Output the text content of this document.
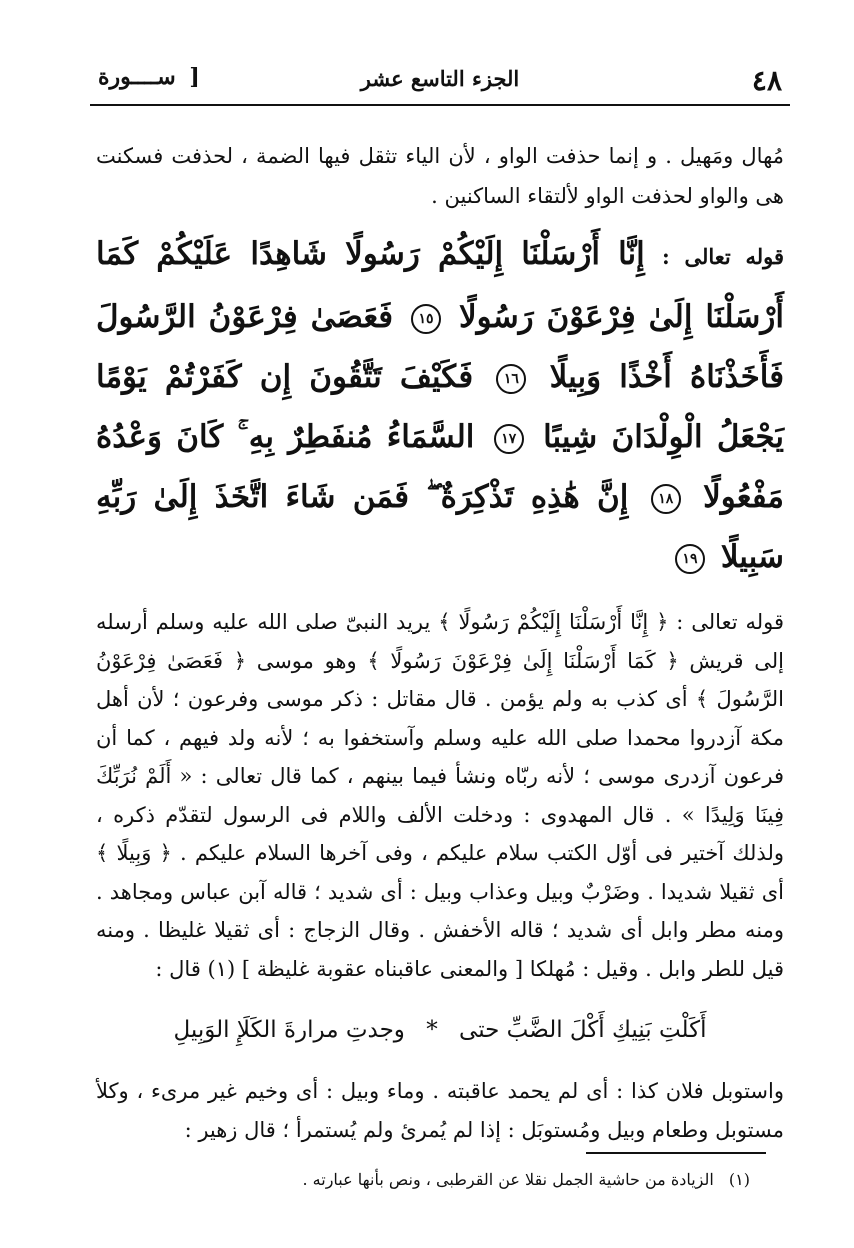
٤٨
الجزء التاسع عشر
[ ســــورة

مُهال ومَهيل . و إنما حذفت الواو ، لأن الياء تثقل فيها الضمة ، لحذفت فسكنت هى والواو لحذفت الواو لألتقاء الساكنين .

قوله تعالى : إِنَّا أَرْسَلْنَا إِلَيْكُمْ رَسُولًا شَاهِدًا عَلَيْكُمْ كَمَا أَرْسَلْنَا إِلَىٰ فِرْعَوْنَ رَسُولًا ١٥ فَعَصَىٰ فِرْعَوْنُ الرَّسُولَ فَأَخَذْنَاهُ أَخْذًا وَبِيلًا ١٦ فَكَيْفَ تَتَّقُونَ إِن كَفَرْتُمْ يَوْمًا يَجْعَلُ الْوِلْدَانَ شِيبًا ١٧ السَّمَاءُ مُنفَطِرٌ بِهِ ۚ كَانَ وَعْدُهُ مَفْعُولًا ١٨ إِنَّ هَٰذِهِ تَذْكِرَةٌ ۖ فَمَن شَاءَ اتَّخَذَ إِلَىٰ رَبِّهِ سَبِيلًا ١٩

قوله تعالى : ﴿ إِنَّا أَرْسَلْنَا إِلَيْكُمْ رَسُولًا ﴾ يريد النبىّ صلى الله عليه وسلم أرسله إلى قريش ﴿ كَمَا أَرْسَلْنَا إِلَىٰ فِرْعَوْنَ رَسُولًا ﴾ وهو موسى ﴿ فَعَصَىٰ فِرْعَوْنُ الرَّسُولَ ﴾ أى كذب به ولم يؤمن . قال مقاتل : ذكر موسى وفرعون ؛ لأن أهل مكة آزدروا محمدا صلى الله عليه وسلم وآستخفوا به ؛ لأنه ولد فيهم ، كما أن فرعون آزدرى موسى ؛ لأنه ربّاه ونشأ فيما بينهم ، كما قال تعالى : « أَلَمْ نُرَبِّكَ فِينَا وَلِيدًا » . قال المهدوى : ودخلت الألف واللام فى الرسول لتقدّم ذكره ، ولذلك آختير فى أوّل الكتب سلام عليكم ، وفى آخرها السلام عليكم . ﴿ وَبِيلًا ﴾ أى ثقيلا شديدا . وضَرْبٌ وبيل وعذاب وبيل : أى شديد ؛ قاله آبن عباس ومجاهد . ومنه مطر وابل أى شديد ؛ قاله الأخفش . وقال الزجاج : أى ثقيلا غليظا . ومنه قيل للطر وابل . وقيل : مُهلكا [ والمعنى عاقبناه عقوبة غليظة ] (١) قال :

أَكَلْتِ بَنِيكِ أَكْلَ الضَّبِّ حتى * وجدتِ مرارةَ الكَلَإِ الوَبِيلِ

واستوبل فلان كذا : أى لم يحمد عاقبته . وماء وبيل : أى وخيم غير مرىء ، وكلأ مستوبل وطعام وبيل ومُستوبَل : إذا لم يُمرئ ولم يُستمرأ ؛ قال زهير :

(١) الزيادة من حاشية الجمل نقلا عن القرطبى ، ونص بأنها عبارته .
